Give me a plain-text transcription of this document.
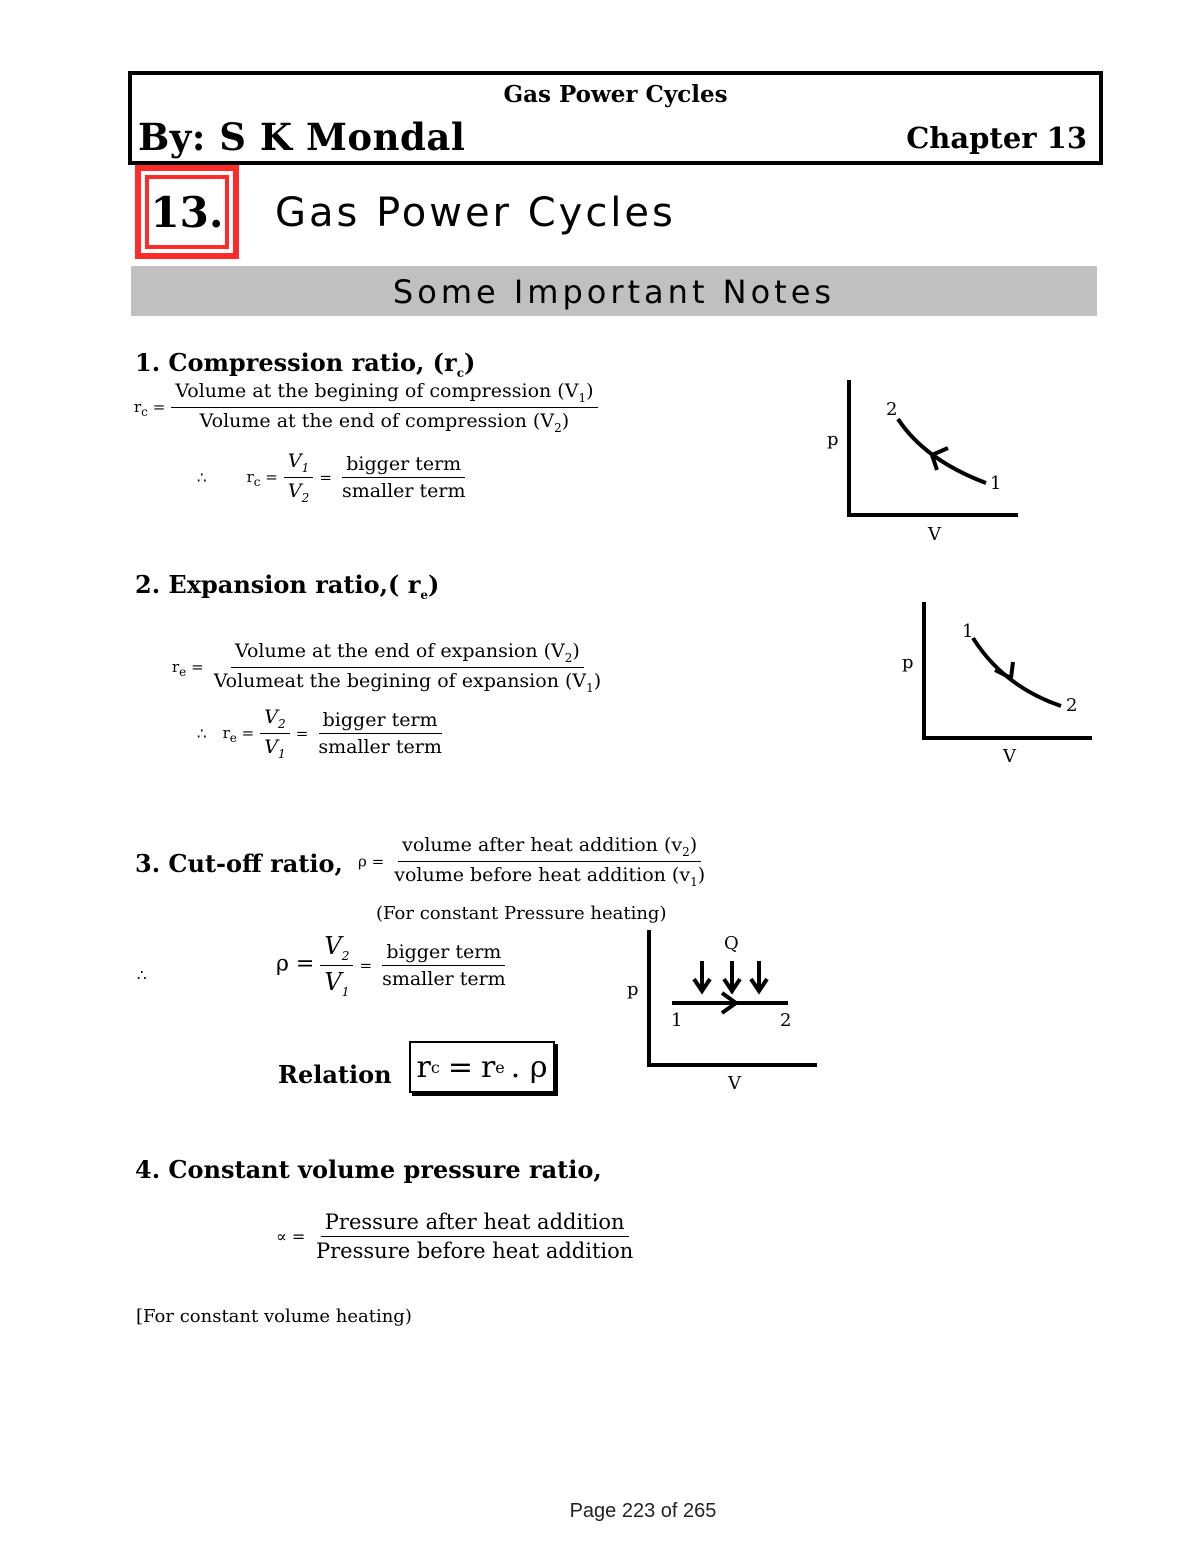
Gas Power Cycles
By: S K Mondal	Chapter 13
13. Gas Power Cycles
Some Important Notes
1. Compression ratio, $(r_c)$
$r_c = \frac{Volume at the begining of compression (V_1)}{Volume at the end of compression (V_2)}$
∴	$r_c = \frac{V_1}{V_2} = \frac{\text{bigger term}}{\text{smaller term}}$
p
V
2
1
2. Expansion ratio,( $r_e$)
$r_e = \frac{Volume at the end of expansion (V_2)}{Volumeat the begining of expansion (V_1)}$
∴ $r_e = \frac{V_2}{V_1} = \frac{\text{bigger term}}{\text{smaller term}}$
p
V
1
2
3. Cut-off ratio, $\rho = \frac{volume after heat addition (v_2)}{volume before heat addition (v_1)}$
(For constant Pressure heating)
∴	$\rho = \frac{V_2}{V_1} = \frac{\text{bigger term}}{\text{smaller term}}$	p
V
Q
1	2
Relation r c = r e . ρ
4. Constant volume pressure ratio,
∝ = $\frac{\text{Pressure after heat addition}}{\text{Pressure before heat addition}}$
[For constant volume heating)
Page 223 of 265
